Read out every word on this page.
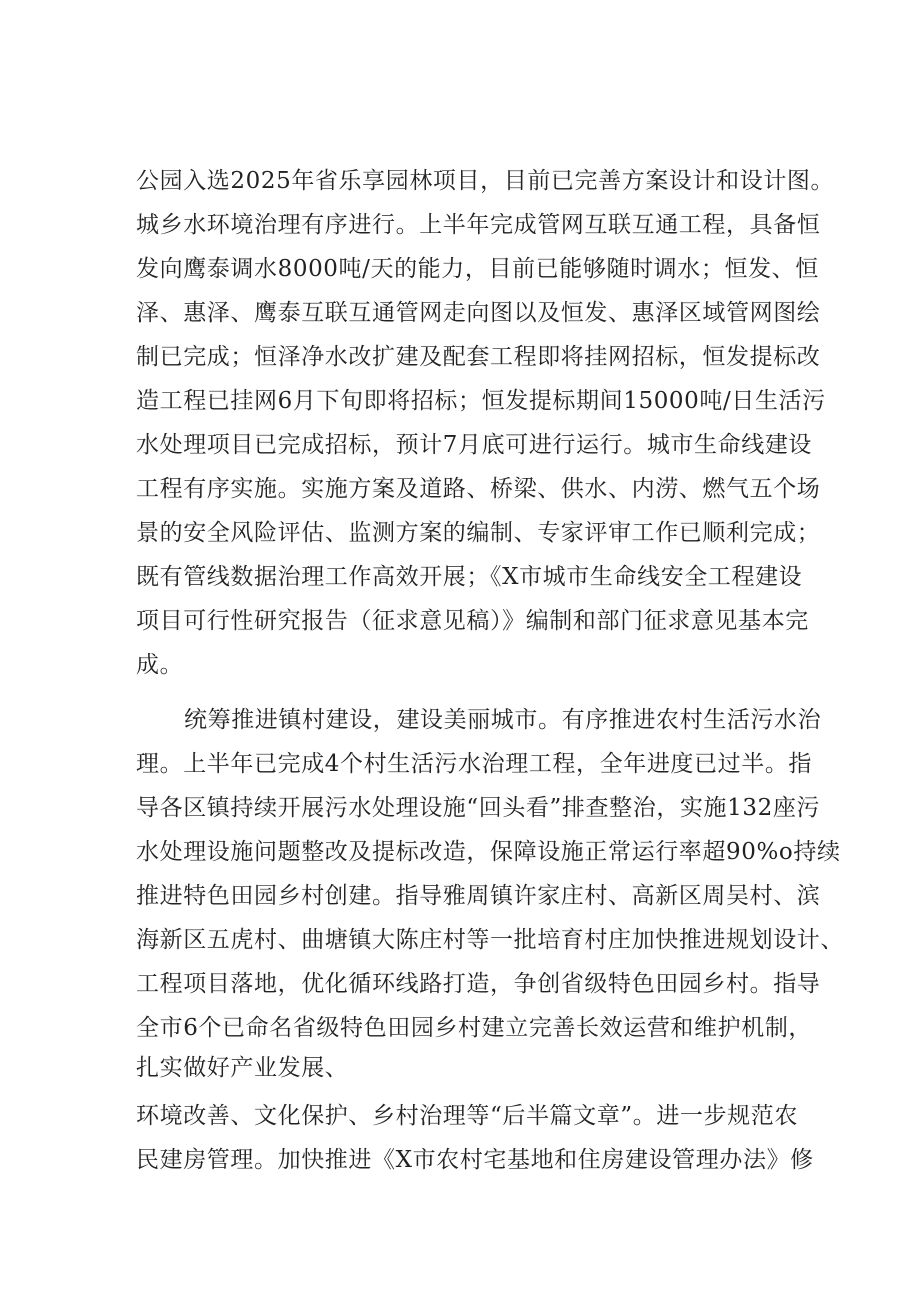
公园入选2025年省乐享园林项目，目前已完善方案设计和设计图。

城乡水环境治理有序进行。上半年完成管网互联互通工程，具备恒

发向鹰泰调水8000吨/天的能力，目前已能够随时调水；恒发、恒

泽、惠泽、鹰泰互联互通管网走向图以及恒发、惠泽区域管网图绘

制已完成；恒泽净水改扩建及配套工程即将挂网招标，恒发提标改

造工程已挂网6月下旬即将招标；恒发提标期间15000吨/日生活污

水处理项目已完成招标，预计7月底可进行运行。城市生命线建设

工程有序实施。实施方案及道路、桥梁、供水、内涝、燃气五个场

景的安全风险评估、监测方案的编制、专家评审工作已顺利完成；

既有管线数据治理工作高效开展；《X市城市生命线安全工程建设

项目可行性研究报告（征求意见稿）》编制和部门征求意见基本完

成。

统筹推进镇村建设，建设美丽城市。有序推进农村生活污水治

理。上半年已完成4个村生活污水治理工程，全年进度已过半。指

导各区镇持续开展污水处理设施“回头看”排查整治，实施132座污

水处理设施问题整改及提标改造，保障设施正常运行率超90%o持续

推进特色田园乡村创建。指导雅周镇许家庄村、高新区周吴村、滨

海新区五虎村、曲塘镇大陈庄村等一批培育村庄加快推进规划设计、

工程项目落地，优化循环线路打造，争创省级特色田园乡村。指导

全市6个已命名省级特色田园乡村建立完善长效运营和维护机制，

扎实做好产业发展、

环境改善、文化保护、乡村治理等“后半篇文章”。进一步规范农

民建房管理。加快推进《X市农村宅基地和住房建设管理办法》修
